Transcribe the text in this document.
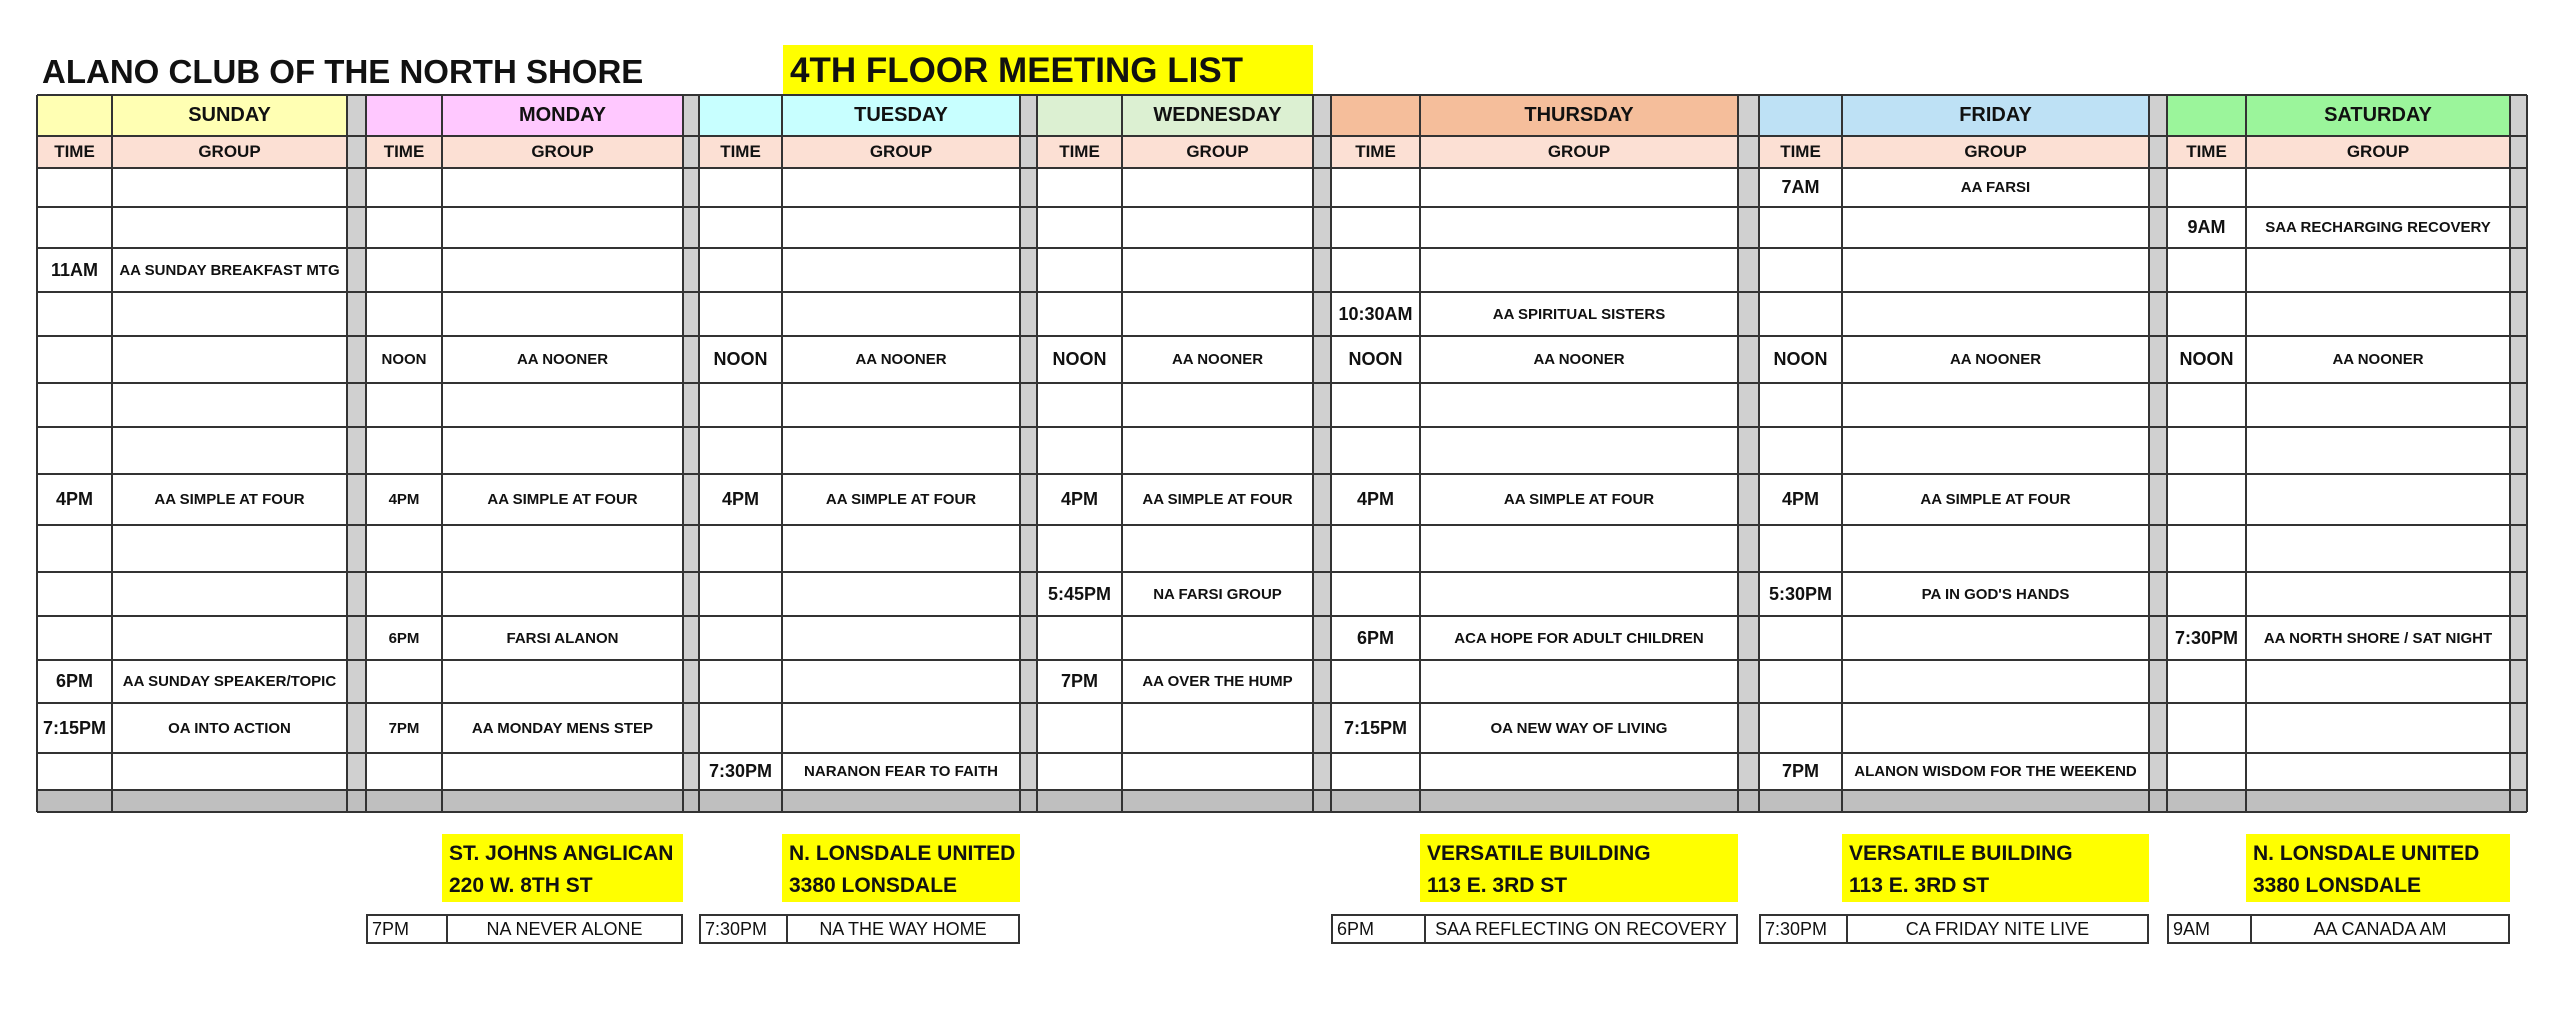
ALANO CLUB OF THE NORTH SHORE	4TH FLOOR MEETING LIST
SUNDAY
TIME	GROUP
MONDAY
TIME	GROUP
TUESDAY
TIME	GROUP
WEDNESDAY
TIME	GROUP
THURSDAY
TIME	GROUP
FRIDAY
TIME	GROUP
SATURDAY
TIME	GROUP
11AM	AA SUNDAY BREAKFAST MTG
4PM	AA SIMPLE AT FOUR
6PM	AA SUNDAY SPEAKER/TOPIC
7:15PM	OA INTO ACTION
NOON	AA NOONER
4PM	AA SIMPLE AT FOUR
6PM	FARSI ALANON
7PM	AA MONDAY MENS STEP
NOON	AA NOONER
4PM	AA SIMPLE AT FOUR
7:30PM	NARANON FEAR TO FAITH
NOON	AA NOONER
4PM	AA SIMPLE AT FOUR
5:45PM	NA FARSI GROUP
7PM	AA OVER THE HUMP
10:30AM	AA SPIRITUAL SISTERS
NOON	AA NOONER
4PM	AA SIMPLE AT FOUR
6PM	ACA HOPE FOR ADULT CHILDREN
7:15PM	OA NEW WAY OF LIVING
7AM	AA FARSI
NOON	AA NOONER
4PM	AA SIMPLE AT FOUR
5:30PM	PA IN GOD'S HANDS
7PM	ALANON WISDOM FOR THE WEEKEND
9AM	SAA RECHARGING RECOVERY
NOON	AA NOONER
7:30PM	AA NORTH SHORE / SAT NIGHT
ST. JOHNS ANGLICAN
220 W. 8TH ST
7PM	NA NEVER ALONE
N. LONSDALE UNITED
3380 LONSDALE
7:30PM	NA THE WAY HOME
VERSATILE BUILDING
113 E. 3RD ST
6PM	SAA REFLECTING ON RECOVERY
VERSATILE BUILDING
113 E. 3RD ST
7:30PM	CA FRIDAY NITE LIVE
N. LONSDALE UNITED
3380 LONSDALE
9AM	AA CANADA AM
